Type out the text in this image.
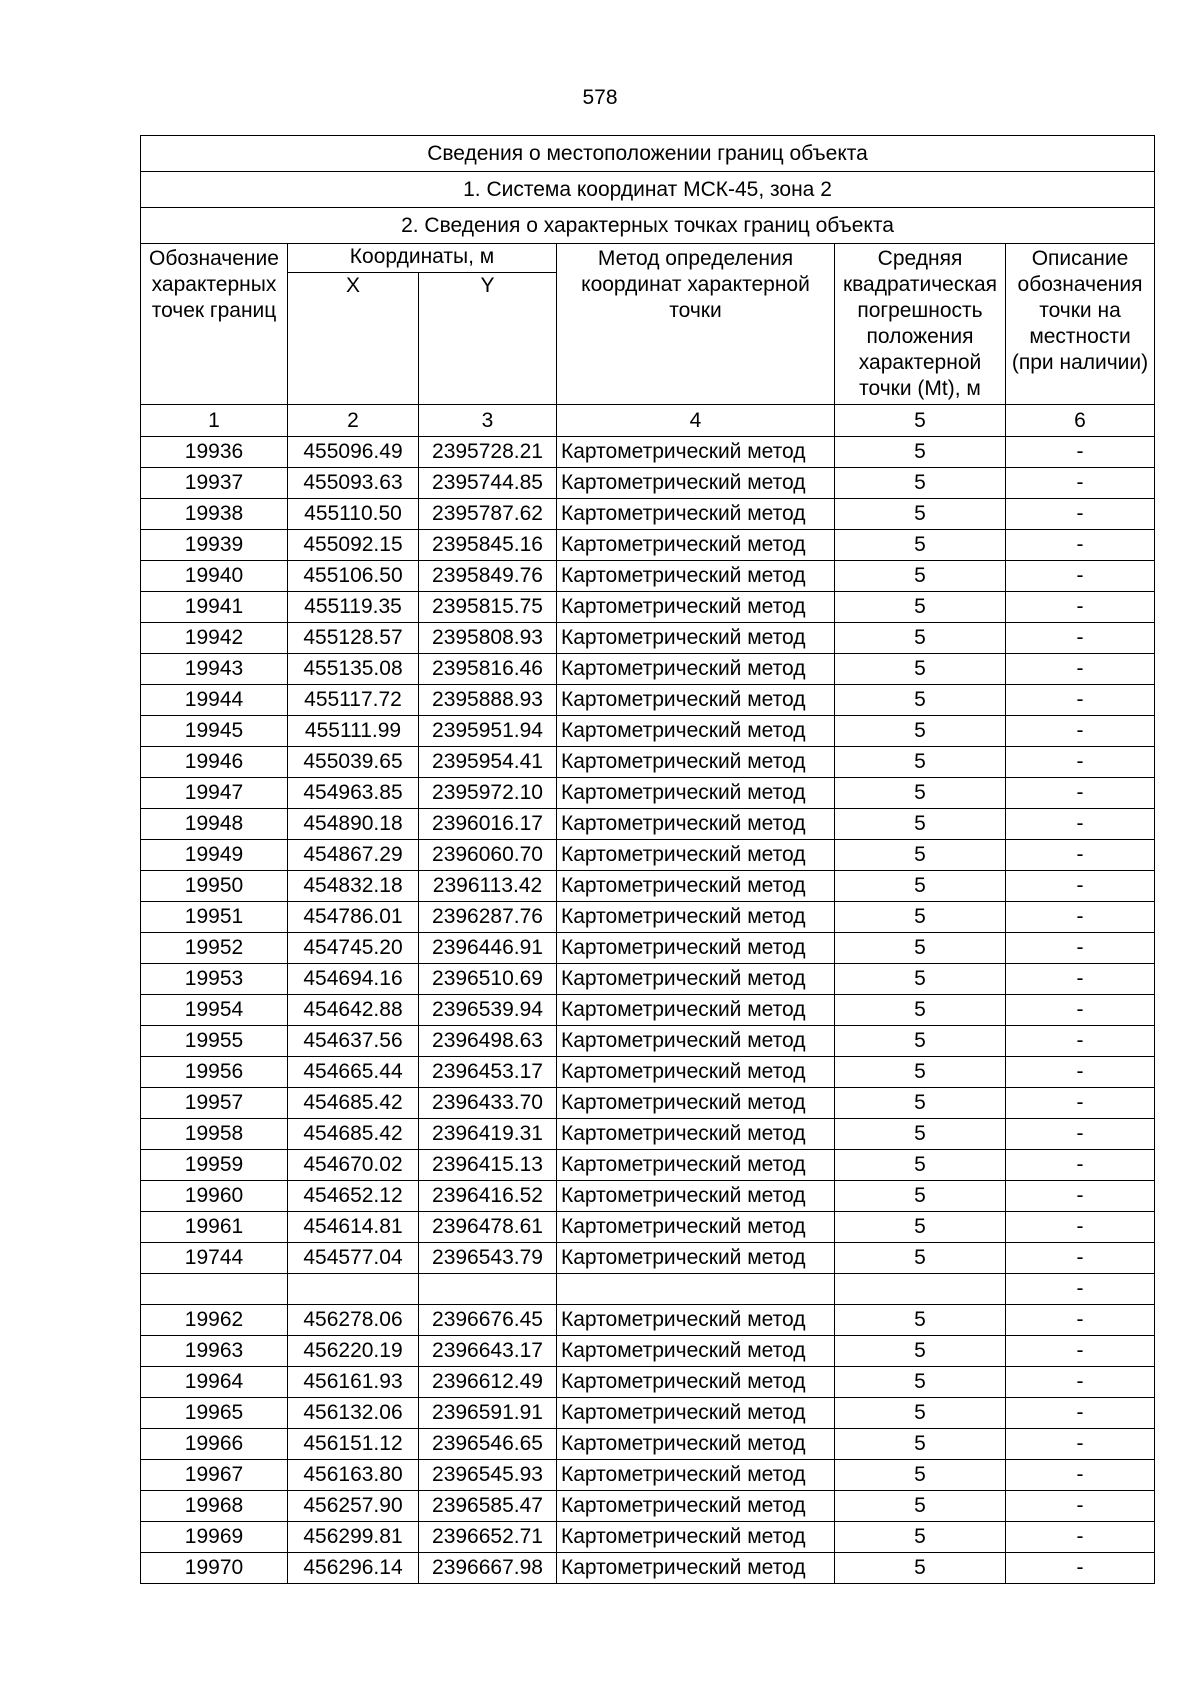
578
Сведения о местоположении границ объекта					
1. Система координат МСК-45, зона 2					
2. Сведения о характерных точках границ объекта					
Обозначение характерных точек границ	Координаты, м		Метод определения координат характерной точки	Средняя квадратическая погрешность положения характерной точки (Mt), м	Описание обозначения точки на местности (при наличии)
	X	Y			
1	2	3	4	5	6
19936	455096.49	2395728.21	Картометрический метод	5	-
19937	455093.63	2395744.85	Картометрический метод	5	-
19938	455110.50	2395787.62	Картометрический метод	5	-
19939	455092.15	2395845.16	Картометрический метод	5	-
19940	455106.50	2395849.76	Картометрический метод	5	-
19941	455119.35	2395815.75	Картометрический метод	5	-
19942	455128.57	2395808.93	Картометрический метод	5	-
19943	455135.08	2395816.46	Картометрический метод	5	-
19944	455117.72	2395888.93	Картометрический метод	5	-
19945	455111.99	2395951.94	Картометрический метод	5	-
19946	455039.65	2395954.41	Картометрический метод	5	-
19947	454963.85	2395972.10	Картометрический метод	5	-
19948	454890.18	2396016.17	Картометрический метод	5	-
19949	454867.29	2396060.70	Картометрический метод	5	-
19950	454832.18	2396113.42	Картометрический метод	5	-
19951	454786.01	2396287.76	Картометрический метод	5	-
19952	454745.20	2396446.91	Картометрический метод	5	-
19953	454694.16	2396510.69	Картометрический метод	5	-
19954	454642.88	2396539.94	Картометрический метод	5	-
19955	454637.56	2396498.63	Картометрический метод	5	-
19956	454665.44	2396453.17	Картометрический метод	5	-
19957	454685.42	2396433.70	Картометрический метод	5	-
19958	454685.42	2396419.31	Картометрический метод	5	-
19959	454670.02	2396415.13	Картометрический метод	5	-
19960	454652.12	2396416.52	Картометрический метод	5	-
19961	454614.81	2396478.61	Картометрический метод	5	-
19744	454577.04	2396543.79	Картометрический метод	5	-
					-
19962	456278.06	2396676.45	Картометрический метод	5	-
19963	456220.19	2396643.17	Картометрический метод	5	-
19964	456161.93	2396612.49	Картометрический метод	5	-
19965	456132.06	2396591.91	Картометрический метод	5	-
19966	456151.12	2396546.65	Картометрический метод	5	-
19967	456163.80	2396545.93	Картометрический метод	5	-
19968	456257.90	2396585.47	Картометрический метод	5	-
19969	456299.81	2396652.71	Картометрический метод	5	-
19970	456296.14	2396667.98	Картометрический метод	5	-
